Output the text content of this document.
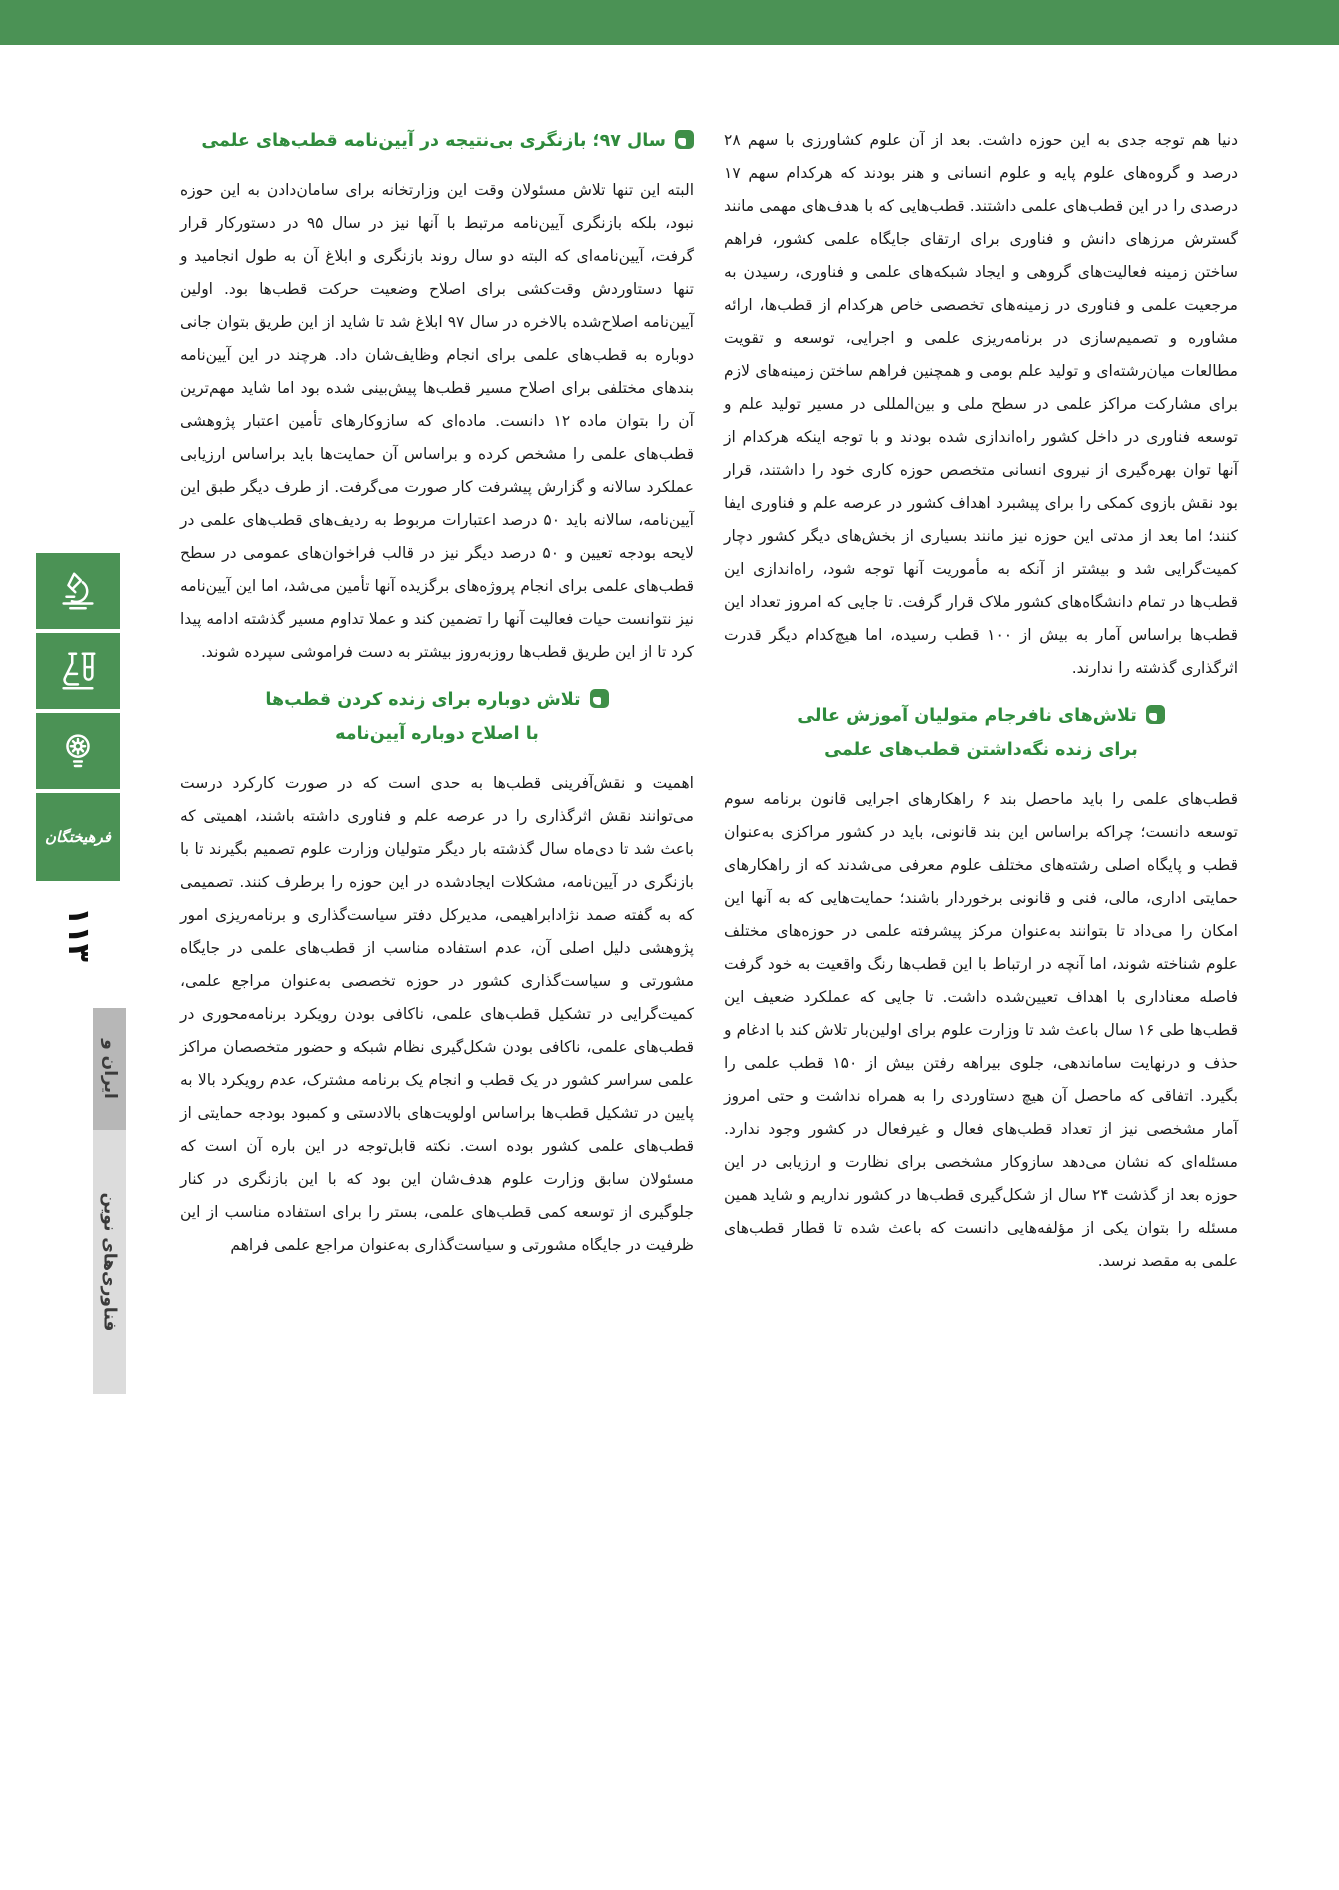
فرهیختگان
۱۱۳
ایران و
فناوری‌های نوین

دنیا هم توجه جدی به این حوزه داشت. بعد از آن علوم کشاورزی با سهم ۲۸ درصد و گروه‌های علوم پایه و علوم انسانی و هنر بودند که هرکدام سهم ۱۷ درصدی را در این قطب‌های علمی داشتند. قطب‌هایی که با هدف‌های مهمی مانند گسترش مرزهای دانش و فناوری برای ارتقای جایگاه علمی کشور، فراهم ساختن زمینه فعالیت‌های گروهی و ایجاد شبکه‌های علمی و فناوری، رسیدن به مرجعیت علمی و فناوری در زمینه‌های تخصصی خاص هرکدام از قطب‌ها، ارائه مشاوره و تصمیم‌سازی در برنامه‌ریزی علمی و اجرایی، توسعه و تقویت مطالعات میان‌رشته‌ای و تولید علم بومی و همچنین فراهم ساختن زمینه‌های لازم برای مشارکت مراکز علمی در سطح ملی و بین‌المللی در مسیر تولید علم و توسعه فناوری در داخل کشور راه‌اندازی شده بودند و با توجه اینکه هرکدام از آنها توان بهره‌گیری از نیروی انسانی متخصص حوزه کاری خود را داشتند، قرار بود نقش بازوی کمکی را برای پیشبرد اهداف کشور در عرصه علم و فناوری ایفا کنند؛ اما بعد از مدتی این حوزه نیز مانند بسیاری از بخش‌های دیگر کشور دچار کمیت‌گرایی شد و بیشتر از آنکه به مأموریت آنها توجه شود، راه‌اندازی این قطب‌ها در تمام دانشگاه‌های کشور ملاک قرار گرفت. تا جایی که امروز تعداد این قطب‌ها براساس آمار به بیش از ۱۰۰ قطب رسیده، اما هیچ‌کدام دیگر قدرت اثرگذاری گذشته را ندارند.

تلاش‌های نافرجام متولیان آموزش عالی
برای زنده نگه‌داشتن قطب‌های علمی

قطب‌های علمی را باید ماحصل بند ۶ راهکارهای اجرایی قانون برنامه سوم توسعه دانست؛ چراکه براساس این بند قانونی، باید در کشور مراکزی به‌عنوان قطب و پایگاه اصلی رشته‌های مختلف علوم معرفی می‌شدند که از راهکارهای حمایتی اداری، مالی، فنی و قانونی برخوردار باشند؛ حمایت‌هایی که به آنها این امکان را می‌داد تا بتوانند به‌عنوان مرکز پیشرفته علمی در حوزه‌های مختلف علوم شناخته شوند، اما آنچه در ارتباط با این قطب‌ها رنگ واقعیت به خود گرفت فاصله معناداری با اهداف تعیین‌شده داشت. تا جایی که عملکرد ضعیف این قطب‌ها طی ۱۶ سال باعث شد تا وزارت علوم برای اولین‌بار تلاش کند با ادغام و حذف و درنهایت ساماندهی، جلوی بیراهه رفتن بیش از ۱۵۰ قطب علمی را بگیرد. اتفاقی که ماحصل آن هیچ دستاوردی را به همراه نداشت و حتی امروز آمار مشخصی نیز از تعداد قطب‌های فعال و غیرفعال در کشور وجود ندارد. مسئله‌ای که نشان می‌دهد سازوکار مشخصی برای نظارت و ارزیابی در این حوزه بعد از گذشت ۲۴ سال از شکل‌گیری قطب‌ها در کشور نداریم و شاید همین مسئله را بتوان یکی از مؤلفه‌هایی دانست که باعث شده تا قطار قطب‌های علمی به مقصد نرسد.

سال ۹۷؛ بازنگری بی‌نتیجه در آیین‌نامه قطب‌های علمی

البته این تنها تلاش مسئولان وقت این وزارتخانه برای سامان‌دادن به این حوزه نبود، بلکه بازنگری آیین‌نامه مرتبط با آنها نیز در سال ۹۵ در دستورکار قرار گرفت، آیین‌نامه‌ای که البته دو سال روند بازنگری و ابلاغ آن به طول انجامید و تنها دستاوردش وقت‌کشی برای اصلاح وضعیت حرکت قطب‌ها بود. اولین آیین‌نامه اصلاح‌شده بالاخره در سال ۹۷ ابلاغ شد تا شاید از این طریق بتوان جانی دوباره به قطب‌های علمی برای انجام وظایف‌شان داد. هرچند در این آیین‌نامه بندهای مختلفی برای اصلاح مسیر قطب‌ها پیش‌بینی شده بود اما شاید مهم‌ترین آن را بتوان ماده ۱۲ دانست. ماده‌ای که سازوکارهای تأمین اعتبار پژوهشی قطب‌های علمی را مشخص کرده و براساس آن حمایت‌ها باید براساس ارزیابی عملکرد سالانه و گزارش پیشرفت کار صورت می‌گرفت. از طرف دیگر طبق این آیین‌نامه، سالانه باید ۵۰ درصد اعتبارات مربوط به ردیف‌های قطب‌های علمی در لایحه بودجه تعیین و ۵۰ درصد دیگر نیز در قالب فراخوان‌های عمومی در سطح قطب‌های علمی برای انجام پروژه‌های برگزیده آنها تأمین می‌شد، اما این آیین‌نامه نیز نتوانست حیات فعالیت آنها را تضمین کند و عملا تداوم مسیر گذشته ادامه پیدا کرد تا از این طریق قطب‌ها روزبه‌روز بیشتر به دست فراموشی سپرده شوند.

تلاش دوباره برای زنده کردن قطب‌ها
با اصلاح دوباره آیین‌نامه

اهمیت و نقش‌آفرینی قطب‌ها به حدی است که در صورت کارکرد درست می‌توانند نقش اثرگذاری را در عرصه علم و فناوری داشته باشند، اهمیتی که باعث شد تا دی‌ماه سال گذشته بار دیگر متولیان وزارت علوم تصمیم بگیرند تا با بازنگری در آیین‌نامه، مشکلات ایجادشده در این حوزه را برطرف کنند. تصمیمی که به گفته صمد نژادابراهیمی، مدیرکل دفتر سیاست‌گذاری و برنامه‌ریزی امور پژوهشی دلیل اصلی آن، عدم استفاده مناسب از قطب‌های علمی در جایگاه مشورتی و سیاست‌گذاری کشور در حوزه تخصصی به‌عنوان مراجع علمی، کمیت‌گرایی در تشکیل قطب‌های علمی، ناکافی بودن رویکرد برنامه‌محوری در قطب‌های علمی، ناکافی بودن شکل‌گیری نظام شبکه و حضور متخصصان مراکز علمی سراسر کشور در یک قطب و انجام یک برنامه مشترک، عدم رویکرد بالا به پایین در تشکیل قطب‌ها براساس اولویت‌های بالادستی و کمبود بودجه حمایتی از قطب‌های علمی کشور بوده است. نکته قابل‌توجه در این باره آن است که مسئولان سابق وزارت علوم هدف‌شان این بود که با این بازنگری در کنار جلوگیری از توسعه کمی قطب‌های علمی، بستر را برای استفاده مناسب از این ظرفیت در جایگاه مشورتی و سیاست‌گذاری به‌عنوان مراجع علمی فراهم
